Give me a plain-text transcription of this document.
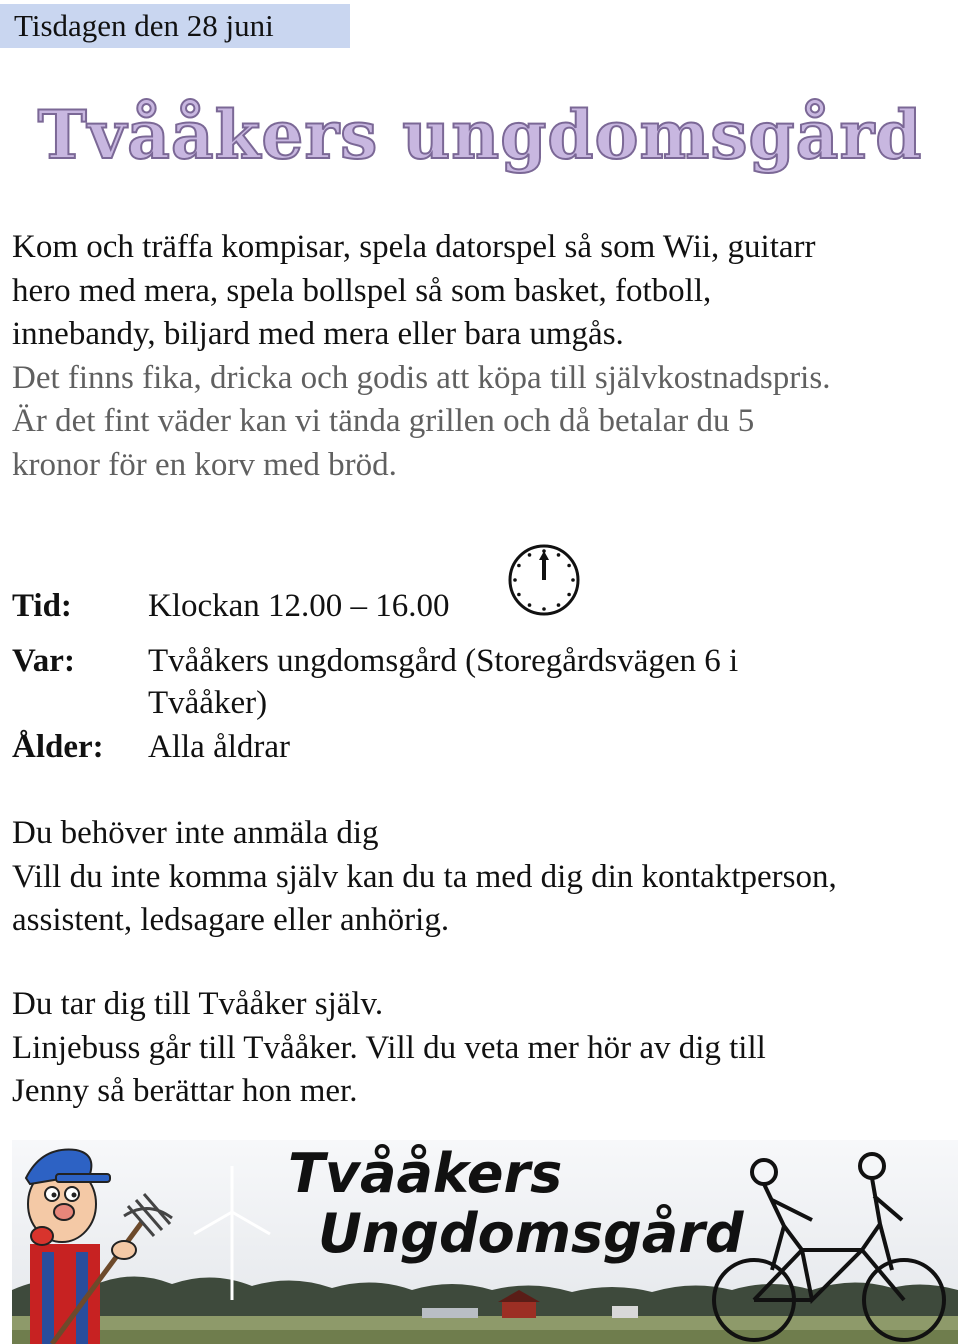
Tisdagen den 28 juni
Tvååkers ungdomsgård
Kom och träffa kompisar, spela datorspel så som Wii, guitarr
hero med mera, spela bollspel så som basket, fotboll,
innebandy, biljard med mera eller bara umgås.
Det finns fika, dricka och godis att köpa till självkostnadspris.
Är det fint väder kan vi tända grillen och då betalar du 5
kronor för en korv med bröd.
Tid:	Klockan 12.00 – 16.00
Var:	Tvååkers ungdomsgård (Storegårdsvägen 6 i
Tvååker)
Ålder:	Alla åldrar
Du behöver inte anmäla dig
Vill du inte komma själv kan du ta med dig din kontaktperson,
assistent, ledsagare eller anhörig.
Du tar dig till Tvååker själv.
Linjebuss går till Tvååker. Vill du veta mer hör av dig till
Jenny så berättar hon mer.
Tvååkers
Ungdomsgård
